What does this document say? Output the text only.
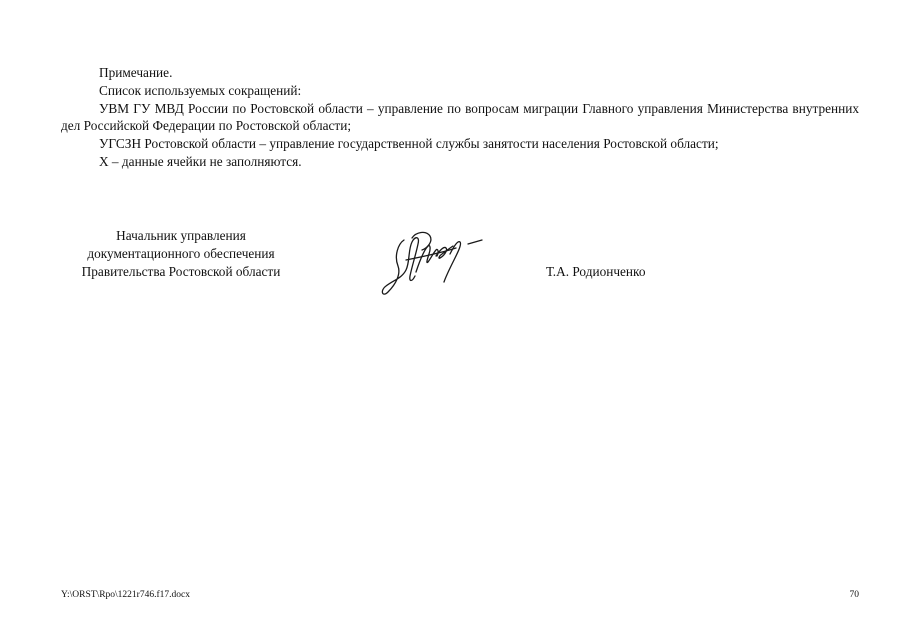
Примечание.

Список используемых сокращений:

УВМ ГУ МВД России по Ростовской области – управление по вопросам миграции Главного управления Министерства внутренних дел Российской Федерации по Ростовской области;

УГСЗН Ростовской области – управление государственной службы занятости населения Ростовской области;

Х – данные ячейки не заполняются.

Начальник управления
документационного обеспечения
Правительства Ростовской области	Т.А. Родионченко
Y:\ORST\Rpo\1221r746.f17.docx	70
